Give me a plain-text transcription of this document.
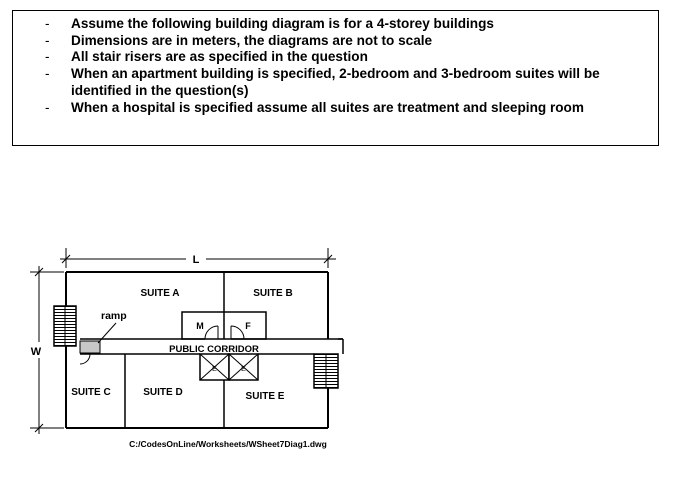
- Assume the following building diagram is for a 4-storey buildings
- Dimensions are in meters, the diagrams are not to scale
- All stair risers are as specified in the question
- When an apartment building is specified, 2-bedroom and 3-bedroom suites will be identified in the question(s)
- When a hospital is specified assume all suites are treatment and sleeping room
L
W
E	E
ramp
SUITE A	SUITE B
M	F
PUBLIC CORRIDOR
SUITE C	SUITE D	SUITE E
C:/CodesOnLine/Worksheets/WSheet7Diag1.dwg
